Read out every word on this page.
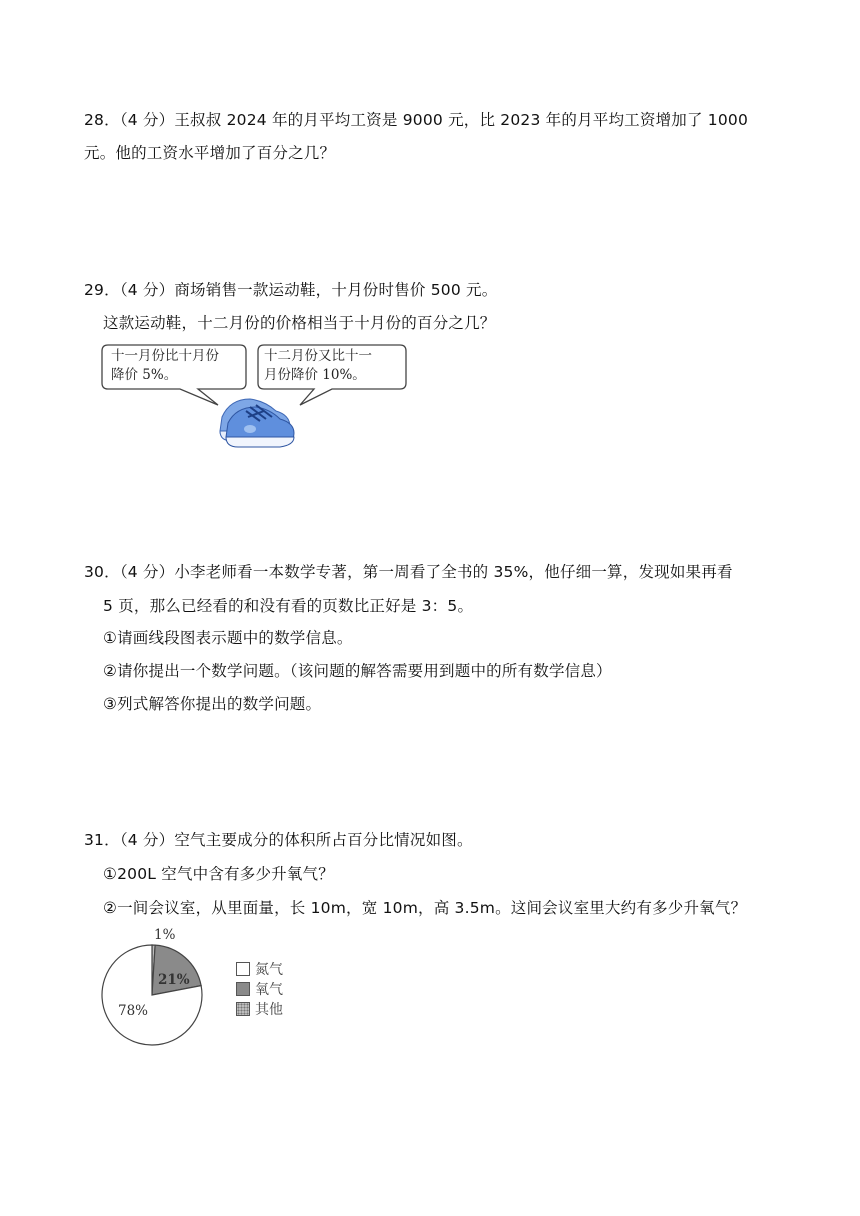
28．（4 分）王叔叔 2024 年的月平均工资是 9000 元，比 2023 年的月平均工资增加了 1000
元。他的工资水平增加了百分之几？
29．（4 分）商场销售一款运动鞋，十月份时售价 500 元。
这款运动鞋，十二月份的价格相当于十月份的百分之几？
十一月份比十月份
降价 5%。
十二月份又比十一
月份降价 10%。
30．（4 分）小李老师看一本数学专著，第一周看了全书的 35%，他仔细一算，发现如果再看
5 页，那么已经看的和没有看的页数比正好是 3：5。
①请画线段图表示题中的数学信息。
②请你提出一个数学问题。（该问题的解答需要用到题中的所有数学信息）
③列式解答你提出的数学问题。
31．（4 分）空气主要成分的体积所占百分比情况如图。
①200L 空气中含有多少升氧气？
②一间会议室，从里面量，长 10m，宽 10m，高 3.5m。这间会议室里大约有多少升氧气？
1%
21%
78%
氮气
氧气
其他
